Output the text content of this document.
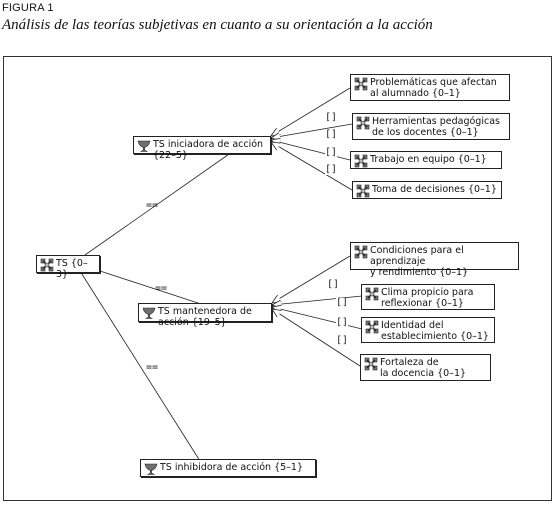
FIGURA 1
Análisis de las teorías subjetivas en cuanto a su orientación a la acción
==
==
==
[]
[]
[]
[]
[]
[]
[]
[]
TS {0–3}
TS iniciadora de acción {22–5}
TS mantenedora de acción {19–5}
TS inhibidora de acción {5–1}
Problemáticas que afectan
al alumnado {0–1}
Herramientas pedagógicas
de los docentes {0–1}
Trabajo en equipo {0–1}
Toma de decisiones {0–1}
Condiciones para el aprendizaje
y rendimiento {0–1}
Clima propicio para
reflexionar {0–1}
Identidad del
establecimiento {0–1}
Fortaleza de
la docencia {0–1}
